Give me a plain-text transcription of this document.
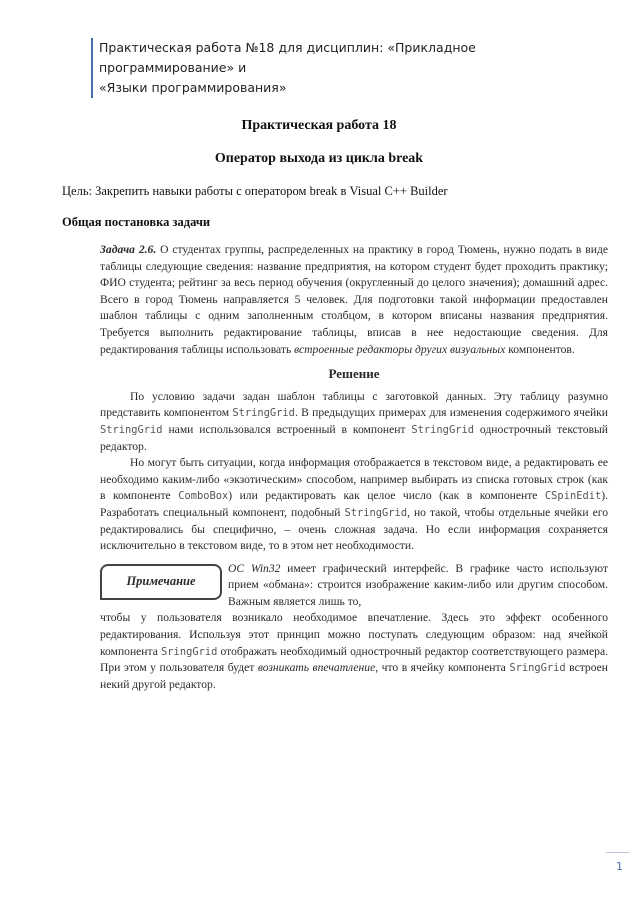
Практическая работа №18 для дисциплин: «Прикладное программирование» и
«Языки программирования»
Практическая работа 18
Оператор выхода из цикла break
Цель: Закрепить навыки работы с оператором break в Visual C++ Builder
Общая постановка задачи

Задача 2.6. О студентах группы, распределенных на практику в город Тюмень, нужно подать в виде таблицы следующие сведения: название предприятия, на котором студент будет проходить практику; ФИО студента; рейтинг за весь период обучения (округленный до целого значения); домашний адрес. Всего в город Тюмень направляется 5 человек. Для подготовки такой информации предоставлен шаблон таблицы с одним заполненным столбцом, в котором вписаны названия предприятия. Требуется выполнить редактирование таблицы, вписав в нее недостающие сведения. Для редактирования таблицы использовать встроенные редакторы других визуальных компонентов.

Решение

По условию задачи задан шаблон таблицы с заготовкой данных. Эту таблицу разумно представить компонентом StringGrid. В предыдущих примерах для изменения содержимого ячейки StringGrid нами использовался встроенный в компонент StringGrid однострочный текстовый редактор.

Но могут быть ситуации, когда информация отображается в текстовом виде, а редактировать ее необходимо каким-либо «экзотическим» способом, например выбирать из списка готовых строк (как в компоненте ComboBox) или редактировать как целое число (как в компоненте CSpinEdit). Разработать специальный компонент, подобный StringGrid, но такой, чтобы отдельные ячейки его редактировались бы специфично, – очень сложная задача. Но если информация сохраняется исключительно в текстовом виде, то в этом нет необходимости.

Примечание

ОС Win32 имеет графический интерфейс. В графике часто используют прием «обмана»: строится изображение каким-либо или другим способом. Важным является лишь то,

чтобы у пользователя возникало необходимое впечатление. Здесь это эффект особенного редактирования. Используя этот принцип можно поступать следующим образом: над ячейкой компонента SringGrid отображать необходимый однострочный редактор соответствующего размера. При этом у пользователя будет возникать впечатление, что в ячейку компонента SringGrid встроен некий другой редактор.

1
